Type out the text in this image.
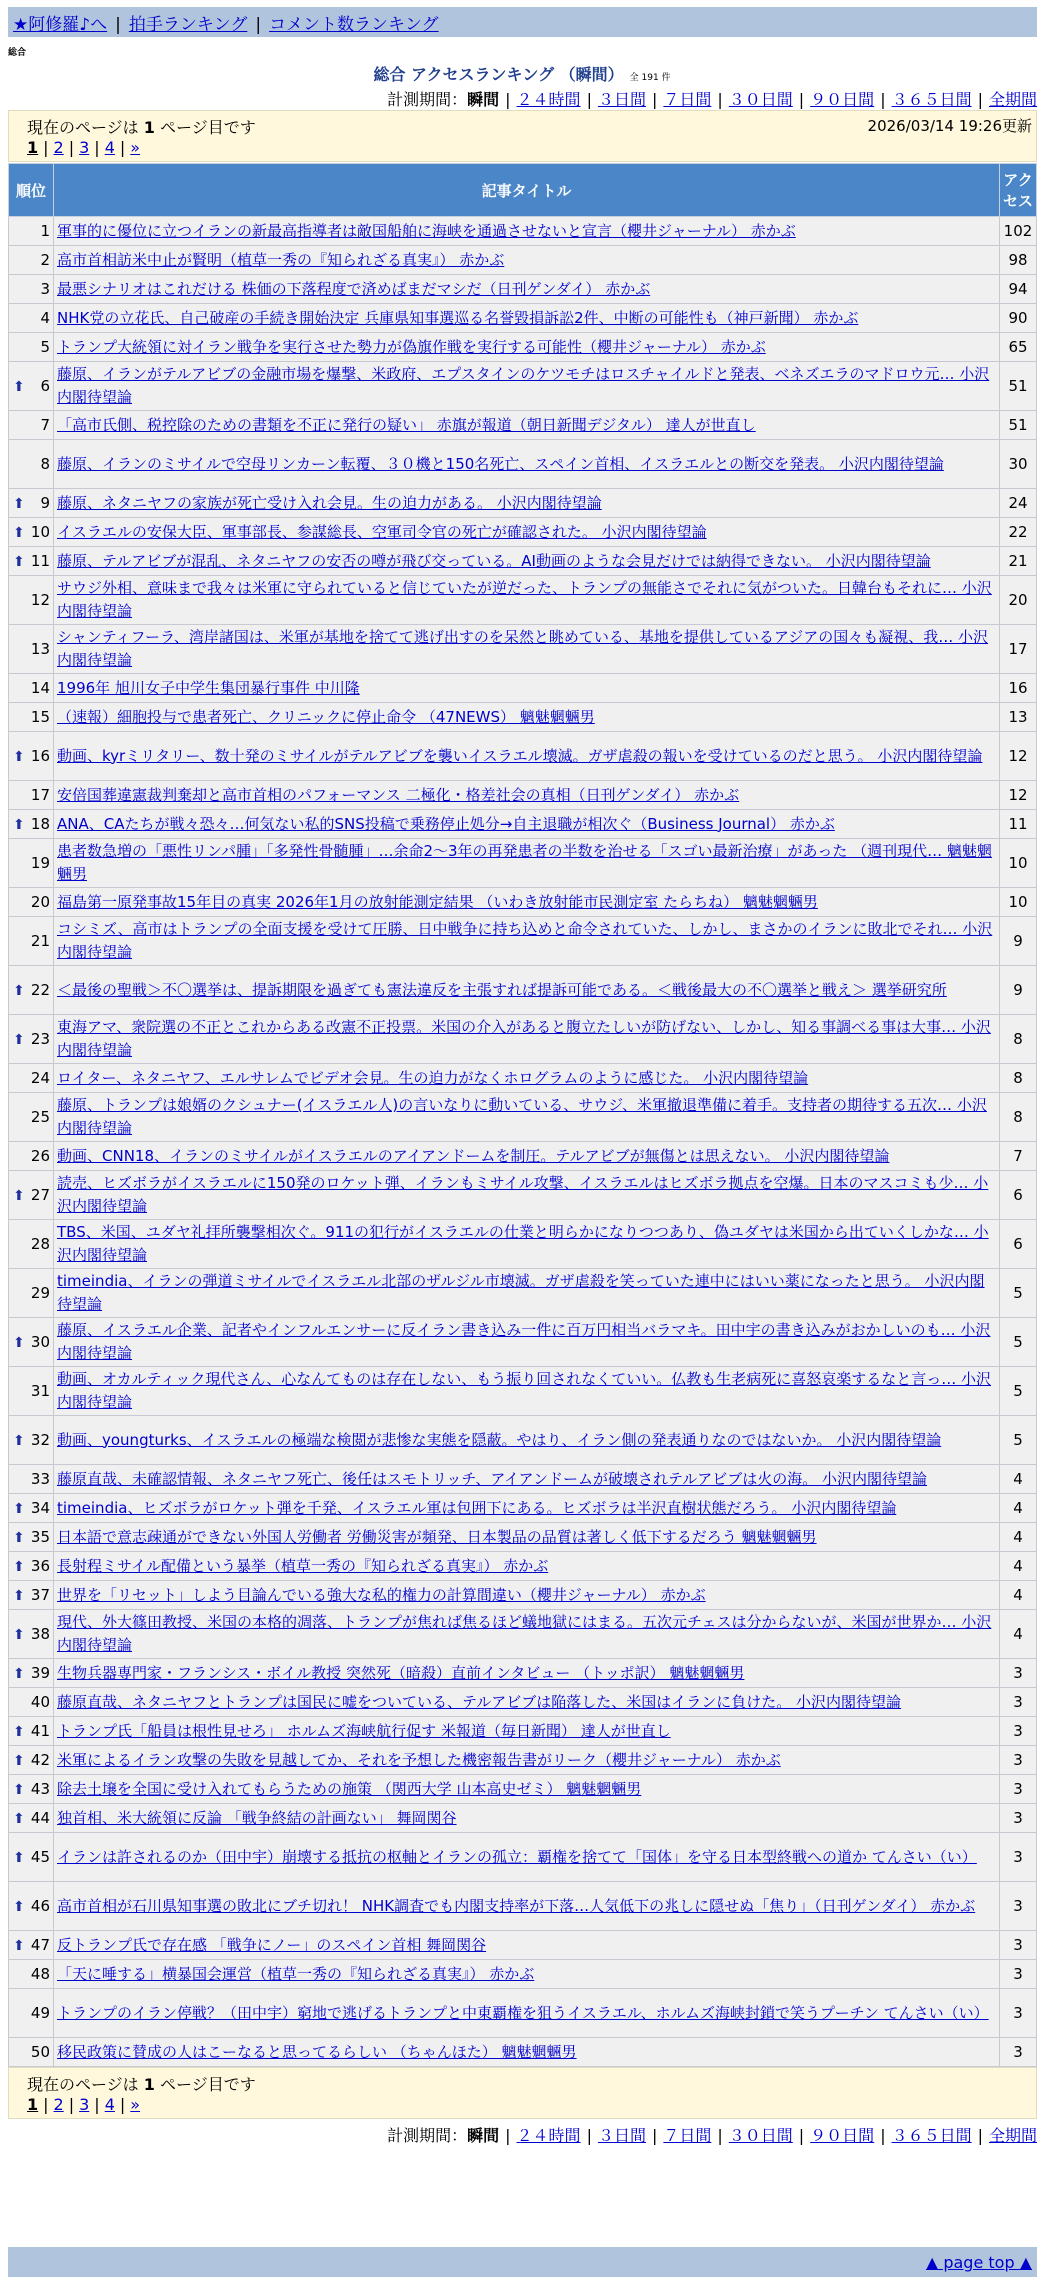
★阿修羅♪へ | 拍手ランキング | コメント数ランキング
総合
総合 アクセスランキング （瞬間） 全 191 件
計測期間：瞬間 | ２４時間 | ３日間 | ７日間 | ３０日間 | ９０日間 | ３６５日間 | 全期間
現在のページは 1 ページ目です	2026/03/14 19:26更新
1 | 2 | 3 | 4 | »
順位	記事タイトル	アクセス
1	軍事的に優位に立つイランの新最高指導者は敵国船舶に海峡を通過させないと宣言（櫻井ジャーナル） 赤かぶ	102
2	高市首相訪米中止が賢明（植草一秀の『知られざる真実』） 赤かぶ	98
3	最悪シナリオはこれだける 株価の下落程度で済めばまだマシだ（日刊ゲンダイ） 赤かぶ	94
4	NHK党の立花氏、自己破産の手続き開始決定 兵庫県知事選巡る名誉毀損訴訟2件、中断の可能性も（神戸新聞） 赤かぶ	90
5	トランプ大統領に対イラン戦争を実行させた勢力が偽旗作戦を実行する可能性（櫻井ジャーナル） 赤かぶ	65

⬆ 6	藤原、イランがテルアビブの金融市場を爆撃、米政府、エプスタインのケツモチはロスチャイルドと発表、ベネズエラのマドロウ元… 小沢内閣待望論	51
7	「高市氏側、税控除のための書類を不正に発行の疑い」 赤旗が報道（朝日新聞デジタル） 達人が世直し	51
8	藤原、イランのミサイルで空母リンカーン転覆、３０機と150名死亡、スペイン首相、イスラエルとの断交を発表。 小沢内閣待望論	30

⬆ 9	藤原、ネタニヤフの家族が死亡受け入れ会見。生の迫力がある。 小沢内閣待望論	24

⬆ 10	イスラエルの安保大臣、軍事部長、参謀総長、空軍司令官の死亡が確認された。 小沢内閣待望論	22

⬆ 11	藤原、テルアビブが混乱、ネタニヤフの安否の噂が飛び交っている。AI動画のような会見だけでは納得できない。 小沢内閣待望論	21
12	サウジ外相、意味まで我々は米軍に守られていると信じていたが逆だった、トランプの無能さでそれに気がついた。日韓台もそれに… 小沢内閣待望論	20
13	シャンティフーラ、湾岸諸国は、米軍が基地を捨てて逃げ出すのを呆然と眺めている、基地を提供しているアジアの国々も凝視、我… 小沢内閣待望論	17
14	1996年 旭川女子中学生集団暴行事件 中川隆	16
15	（速報）細胞投与で患者死亡、クリニックに停止命令 （47NEWS） 魑魅魍魎男	13

⬆ 16	動画、kyrミリタリー、数十発のミサイルがテルアビブを襲いイスラエル壊滅。ガザ虐殺の報いを受けているのだと思う。 小沢内閣待望論	12
17	安倍国葬違憲裁判棄却と高市首相のパフォーマンス 二極化・格差社会の真相（日刊ゲンダイ） 赤かぶ	12

⬆ 18	ANA、CAたちが戦々恐々…何気ない私的SNS投稿で乗務停止処分→自主退職が相次ぐ（Business Journal） 赤かぶ	11
19	患者数急増の「悪性リンパ腫」「多発性骨髄腫」…余命2〜3年の再発患者の半数を治せる「スゴい最新治療」があった （週刊現代… 魑魅魍魎男	10
20	福島第一原発事故15年目の真実 2026年1月の放射能測定結果 （いわき放射能市民測定室 たらちね） 魑魅魍魎男	10
21	コシミズ、高市はトランプの全面支援を受けて圧勝、日中戦争に持ち込めと命令されていた、しかし、まさかのイランに敗北でそれ… 小沢内閣待望論	9

⬆ 22	＜最後の聖戦＞不〇選挙は、提訴期限を過ぎても憲法違反を主張すれば提訴可能である。＜戦後最大の不〇選挙と戦え＞ 選挙研究所	9

⬆ 23	東海アマ、衆院選の不正とこれからある改憲不正投票。米国の介入があると腹立たしいが防げない、しかし、知る事調べる事は大事… 小沢内閣待望論	8
24	ロイター、ネタニヤフ、エルサレムでビデオ会見。生の迫力がなくホログラムのように感じた。 小沢内閣待望論	8
25	藤原、トランプは娘婿のクシュナー(イスラエル人)の言いなりに動いている、サウジ、米軍撤退準備に着手。支持者の期待する五次… 小沢内閣待望論	8
26	動画、CNN18、イランのミサイルがイスラエルのアイアンドームを制圧。テルアビブが無傷とは思えない。 小沢内閣待望論	7

⬆ 27	読売、ヒズボラがイスラエルに150発のロケット弾、イランもミサイル攻撃、イスラエルはヒズボラ拠点を空爆。日本のマスコミも少… 小沢内閣待望論	6
28	TBS、米国、ユダヤ礼拝所襲撃相次ぐ。911の犯行がイスラエルの仕業と明らかになりつつあり、偽ユダヤは米国から出ていくしかな… 小沢内閣待望論	6
29	timeindia、イランの弾道ミサイルでイスラエル北部のザルジル市壊滅。ガザ虐殺を笑っていた連中にはいい薬になったと思う。 小沢内閣待望論	5

⬆ 30	藤原、イスラエル企業、記者やインフルエンサーに反イラン書き込み一件に百万円相当バラマキ。田中宇の書き込みがおかしいのも… 小沢内閣待望論	5
31	動画、オカルティック現代さん、心なんてものは存在しない、もう振り回されなくていい。仏教も生老病死に喜怒哀楽するなと言っ… 小沢内閣待望論	5

⬆ 32	動画、youngturks、イスラエルの極端な検閲が悲惨な実態を隠蔽。やはり、イラン側の発表通りなのではないか。 小沢内閣待望論	5
33	藤原直哉、未確認情報、ネタニヤフ死亡、後任はスモトリッチ、アイアンドームが破壊されテルアビブは火の海。 小沢内閣待望論	4

⬆ 34	timeindia、ヒズボラがロケット弾を千発、イスラエル軍は包囲下にある。ヒズボラは半沢直樹状態だろう。 小沢内閣待望論	4

⬆ 35	日本語で意志疎通ができない外国人労働者 労働災害が頻発、日本製品の品質は著しく低下するだろう 魑魅魍魎男	4

⬆ 36	長射程ミサイル配備という暴挙（植草一秀の『知られざる真実』） 赤かぶ	4

⬆ 37	世界を「リセット」しよう目論んでいる強大な私的権力の計算間違い（櫻井ジャーナル） 赤かぶ	4

⬆ 38	現代、外大篠田教授、米国の本格的凋落、トランプが焦れば焦るほど蟻地獄にはまる。五次元チェスは分からないが、米国が世界か… 小沢内閣待望論	4

⬆ 39	生物兵器専門家・フランシス・ボイル教授 突然死（暗殺）直前インタビュー （トッポ訳） 魑魅魍魎男	3
40	藤原直哉、ネタニヤフとトランプは国民に嘘をついている、テルアビブは陥落した、米国はイランに負けた。 小沢内閣待望論	3

⬆ 41	トランプ氏「船員は根性見せろ」 ホルムズ海峡航行促す 米報道（毎日新聞） 達人が世直し	3

⬆ 42	米軍によるイラン攻撃の失敗を見越してか、それを予想した機密報告書がリーク（櫻井ジャーナル） 赤かぶ	3

⬆ 43	除去土壌を全国に受け入れてもらうための施策 （関西大学 山本高史ゼミ） 魑魅魍魎男	3

⬆ 44	独首相、米大統領に反論 「戦争終結の計画ない」 舞岡関谷	3

⬆ 45	イランは許されるのか（田中宇）崩壊する抵抗の枢軸とイランの孤立：覇権を捨てて「国体」を守る日本型終戦への道か てんさい（い）	3

⬆ 46	高市首相が石川県知事選の敗北にブチ切れ！ NHK調査でも内閣支持率が下落…人気低下の兆しに隠せぬ「焦り」（日刊ゲンダイ） 赤かぶ	3

⬆ 47	反トランプ氏で存在感 「戦争にノー」のスペイン首相 舞岡関谷	3
48	「天に唾する」横暴国会運営（植草一秀の『知られざる真実』） 赤かぶ	3
49	トランプのイラン停戦？（田中宇）窮地で逃げるトランプと中東覇権を狙うイスラエル、ホルムズ海峡封鎖で笑うプーチン てんさい（い）	3
50	移民政策に賛成の人はこーなると思ってるらしい （ちゃんほた） 魑魅魍魎男	3
現在のページは 1 ページ目です
1 | 2 | 3 | 4 | »
計測期間：瞬間 | ２４時間 | ３日間 | ７日間 | ３０日間 | ９０日間 | ３６５日間 | 全期間
▲ page top ▲
